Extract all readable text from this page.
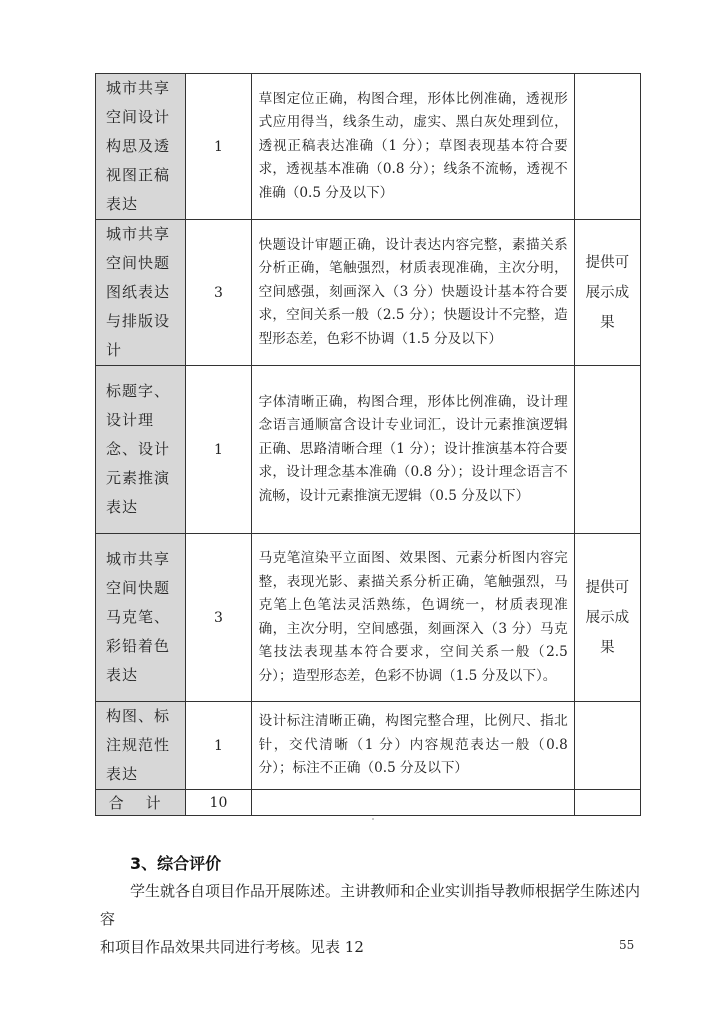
城市共享空间设计构思及透视图正稿表达	1	草图定位正确，构图合理，形体比例准确，透视形式应用得当，线条生动，虚实、黑白灰处理到位，透视正稿表达准确（1 分）；草图表现基本符合要求，透视基本准确（0.8 分）；线条不流畅，透视不准确（0.5 分及以下）	
城市共享空间快题图纸表达与排版设计	3	快题设计审题正确，设计表达内容完整，素描关系分析正确，笔触强烈，材质表现准确，主次分明，空间感强，刻画深入（3 分）快题设计基本符合要求，空间关系一般（2.5 分）；快题设计不完整，造型形态差，色彩不协调（1.5 分及以下）	提供可展示成果
标题字、设计理念、设计元素推演表达	1	字体清晰正确，构图合理，形体比例准确，设计理念语言通顺富含设计专业词汇，设计元素推演逻辑正确、思路清晰合理（1 分）；设计推演基本符合要求，设计理念基本准确（0.8 分）；设计理念语言不流畅，设计元素推演无逻辑（0.5 分及以下）	
城市共享空间快题马克笔、彩铅着色表达	3	马克笔渲染平立面图、效果图、元素分析图内容完整，表现光影、素描关系分析正确，笔触强烈，马克笔上色笔法灵活熟练，色调统一，材质表现准确，主次分明，空间感强，刻画深入（3 分）马克笔技法表现基本符合要求，空间关系一般（2.5 分）；造型形态差，色彩不协调（1.5 分及以下）。	提供可展示成果
构图、标注规范性表达	1	设计标注清晰正确，构图完整合理，比例尺、指北针，交代清晰（1 分）内容规范表达一般（0.8 分）；标注不正确（0.5 分及以下）	
合计	10		
3、综合评价
学生就各自项目作品开展陈述。主讲教师和企业实训指导教师根据学生陈述内容
和项目作品效果共同进行考核。见表 12	55
